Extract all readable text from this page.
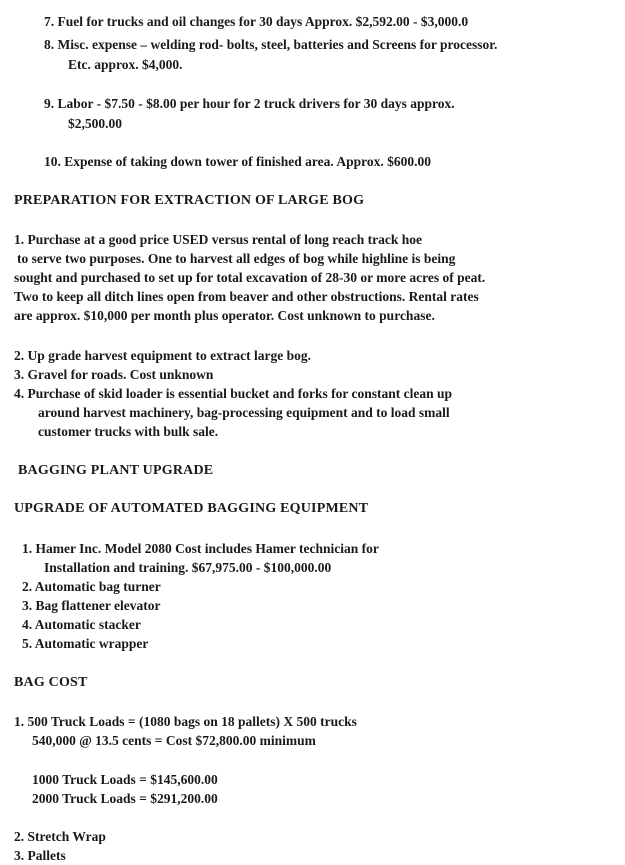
7. Fuel for trucks and oil changes for 30 days Approx. $2,592.00 - $3,000.0
8. Misc. expense – welding rod- bolts, steel, batteries and Screens for processor.
Etc. approx. $4,000.
9. Labor - $7.50 - $8.00 per hour for 2 truck drivers for 30 days approx.
$2,500.00
10. Expense of taking down tower of finished area. Approx. $600.00
PREPARATION FOR EXTRACTION OF LARGE BOG
1. Purchase at a good price USED versus rental of long reach track hoe
to serve two purposes. One to harvest all edges of bog while highline is being
sought and purchased to set up for total excavation of 28-30 or more acres of peat.
Two to keep all ditch lines open from beaver and other obstructions. Rental rates
are approx. $10,000 per month plus operator. Cost unknown to purchase.
2. Up grade harvest equipment to extract large bog.
3. Gravel for roads. Cost unknown
4. Purchase of skid loader is essential bucket and forks for constant clean up
around harvest machinery, bag-processing equipment and to load small
customer trucks with bulk sale.
BAGGING PLANT UPGRADE
UPGRADE OF AUTOMATED BAGGING EQUIPMENT
1. Hamer Inc. Model 2080 Cost includes Hamer technician for
Installation and training. $67,975.00 - $100,000.00
2. Automatic bag turner
3. Bag flattener elevator
4. Automatic stacker
5. Automatic wrapper
BAG COST
1. 500 Truck Loads = (1080 bags on 18 pallets) X 500 trucks
540,000 @ 13.5 cents = Cost $72,800.00 minimum
1000 Truck Loads = $145,600.00
2000 Truck Loads = $291,200.00
2. Stretch Wrap
3. Pallets
